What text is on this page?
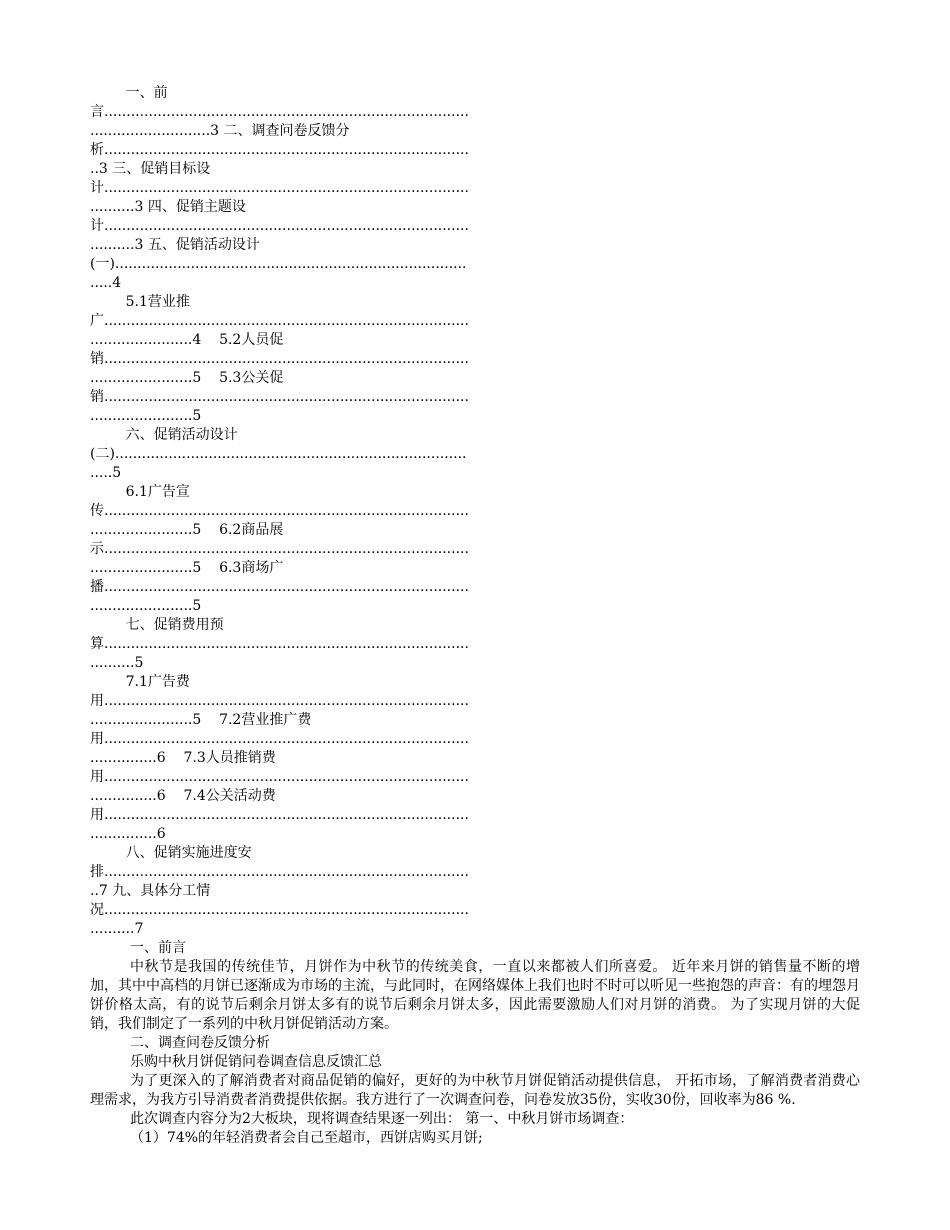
一、前
言..................................................................................
...........................3 二、调查问卷反馈分
析..................................................................................
..3 三、促销目标设
计..................................................................................
..........3 四、促销主题设
计..................................................................................
..........3 五、促销活动设计
(一)...............................................................................
.....4
5.1营业推
广..................................................................................
.......................4    5.2人员促
销..................................................................................
.......................5    5.3公关促
销..................................................................................
.......................5
六、促销活动设计
(二)...............................................................................
.....5
6.1广告宣
传..................................................................................
.......................5    6.2商品展
示..................................................................................
.......................5    6.3商场广
播..................................................................................
.......................5
七、促销费用预
算..................................................................................
..........5
7.1广告费
用..................................................................................
.......................5    7.2营业推广费
用..................................................................................
...............6    7.3人员推销费
用..................................................................................
...............6    7.4公关活动费
用..................................................................................
...............6
八、促销实施进度安
排..................................................................................
..7 九、具体分工情
况..................................................................................
..........7
一、前言
中秋节是我国的传统佳节，月饼作为中秋节的传统美食，一直以来都被人们所喜爱。 近年来月饼的销售量不断的增加，其中中高档的月饼已逐渐成为市场的主流，与此同时，在网络媒体上我们也时不时可以听见一些抱怨的声音：有的埋怨月饼价格太高，有的说节后剩余月饼太多有的说节后剩余月饼太多，因此需要激励人们对月饼的消费。 为了实现月饼的大促销，我们制定了一系列的中秋月饼促销活动方案。
二、调查问卷反馈分析
乐购中秋月饼促销问卷调查信息反馈汇总
为了更深入的了解消费者对商品促销的偏好，更好的为中秋节月饼促销活动提供信息， 开拓市场，了解消费者消费心理需求，为我方引导消费者消费提供依据。我方进行了一次调查问卷，问卷发放35份，实收30份，回收率为86 %.
此次调查内容分为2大板块，现将调查结果逐一列出： 第一、中秋月饼市场调查：
（1）74%的年轻消费者会自己至超市，西饼店购买月饼;
